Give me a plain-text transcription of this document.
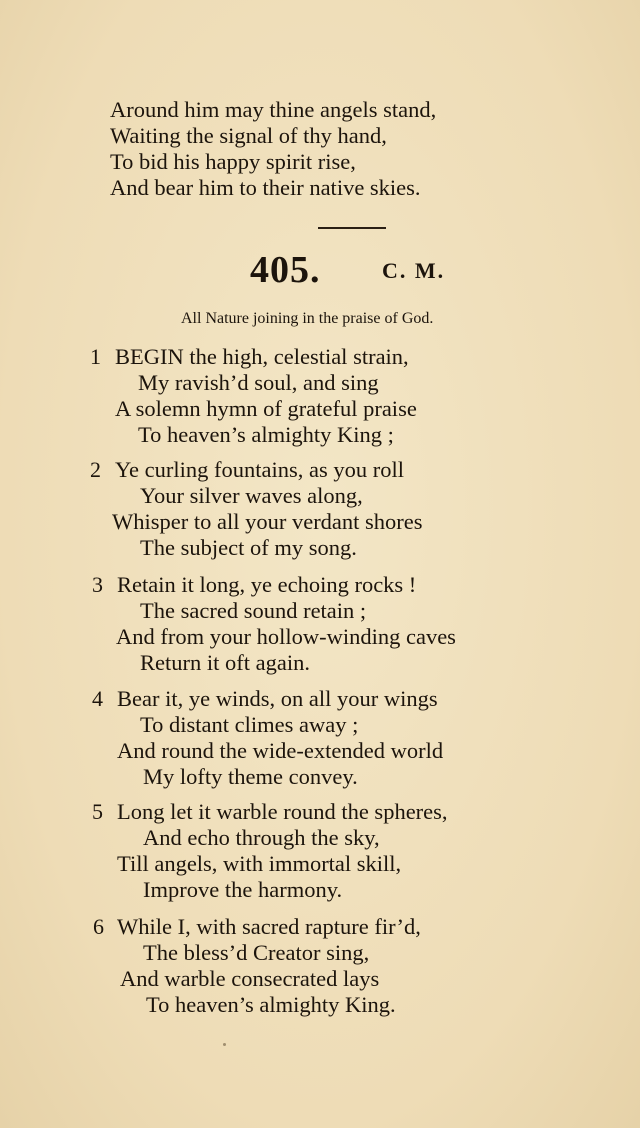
Around him may thine angels stand,
Waiting the signal of thy hand,
To bid his happy spirit rise,
And bear him to their native skies.
405.	C. M.
All Nature joining in the praise of God.
1 BEGIN the high, celestial strain,
My ravish’d soul, and sing
A solemn hymn of grateful praise
To heaven’s almighty King ;
2 Ye curling fountains, as you roll
Your silver waves along,
Whisper to all your verdant shores
The subject of my song.
3 Retain it long, ye echoing rocks !
The sacred sound retain ;
And from your hollow-winding caves
Return it oft again.
4 Bear it, ye winds, on all your wings
To distant climes away ;
And round the wide-extended world
My lofty theme convey.
5 Long let it warble round the spheres,
And echo through the sky,
Till angels, with immortal skill,
Improve the harmony.
6 While I, with sacred rapture fir’d,
The bless’d Creator sing,
And warble consecrated lays
To heaven’s almighty King.
